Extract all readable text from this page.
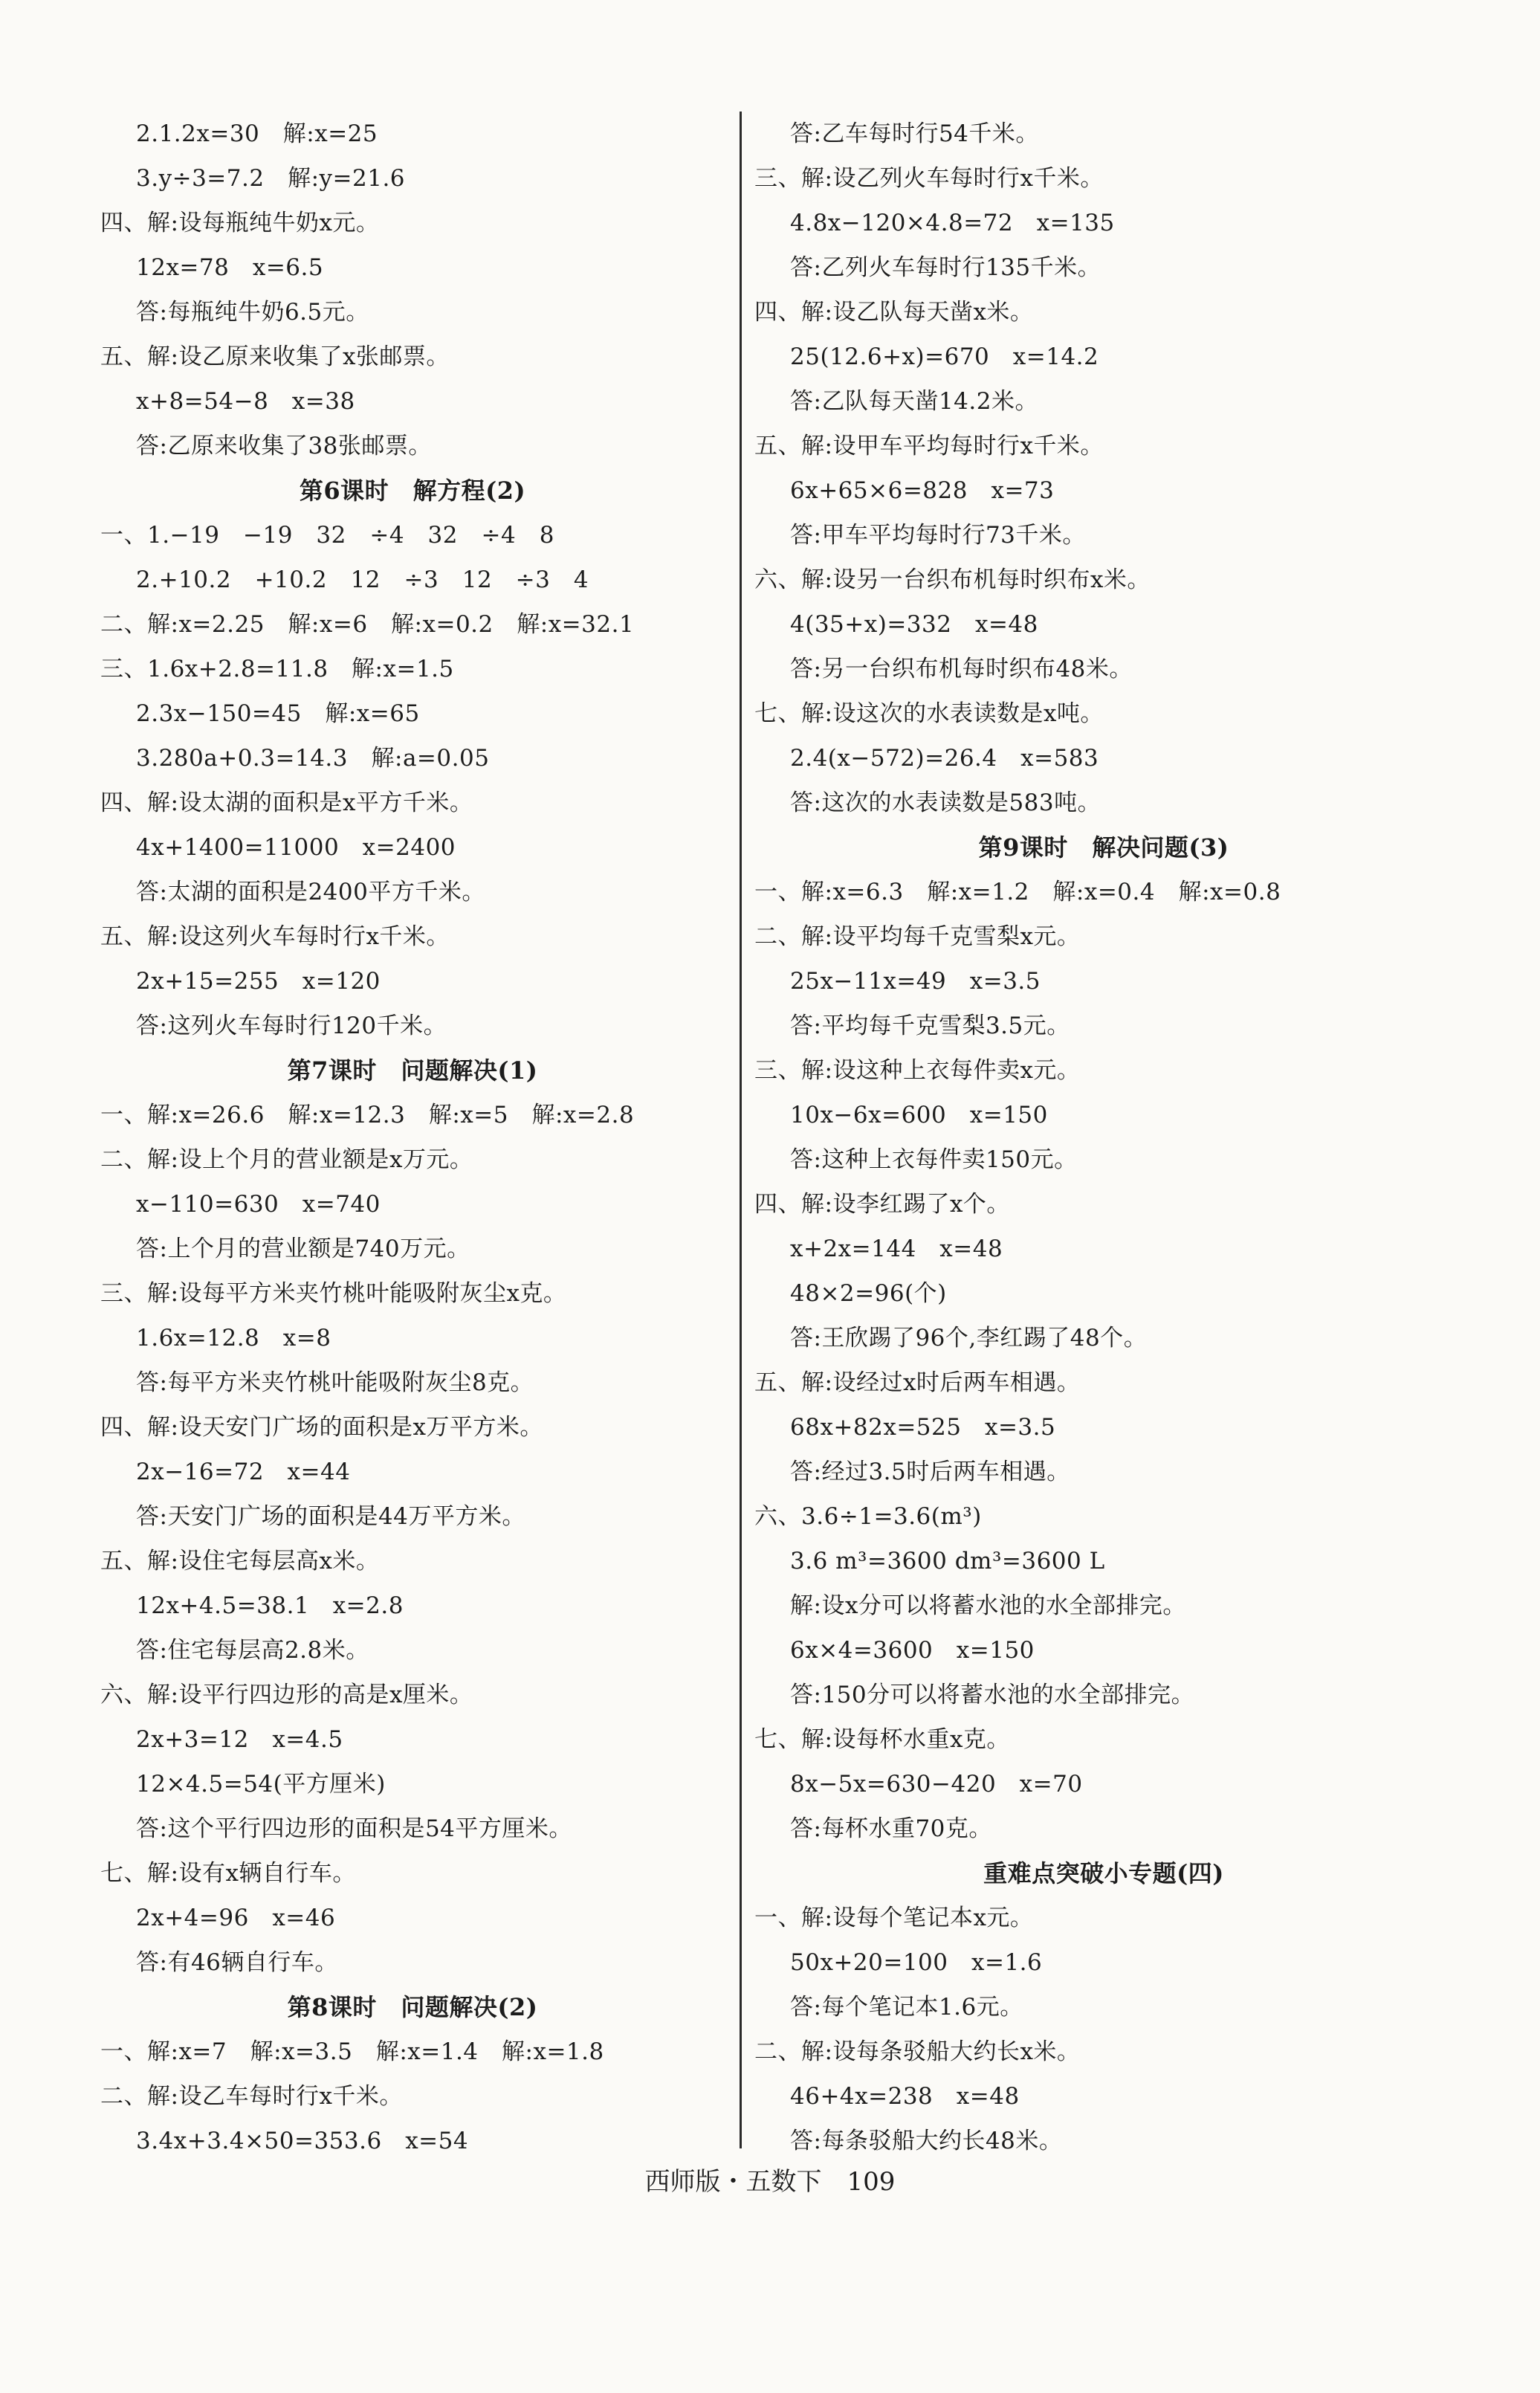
2.1.2x=30　解:x=25
3.y÷3=7.2　解:y=21.6
四、解:设每瓶纯牛奶x元。
12x=78　x=6.5
答:每瓶纯牛奶6.5元。
五、解:设乙原来收集了x张邮票。
x+8=54−8　x=38
答:乙原来收集了38张邮票。
第6课时　解方程(2)
一、1.−19　−19　32　÷4　32　÷4　8
2.+10.2　+10.2　12　÷3　12　÷3　4
二、解:x=2.25　解:x=6　解:x=0.2　解:x=32.1
三、1.6x+2.8=11.8　解:x=1.5
2.3x−150=45　解:x=65
3.280a+0.3=14.3　解:a=0.05
四、解:设太湖的面积是x平方千米。
4x+1400=11000　x=2400
答:太湖的面积是2400平方千米。
五、解:设这列火车每时行x千米。
2x+15=255　x=120
答:这列火车每时行120千米。
第7课时　问题解决(1)
一、解:x=26.6　解:x=12.3　解:x=5　解:x=2.8
二、解:设上个月的营业额是x万元。
x−110=630　x=740
答:上个月的营业额是740万元。
三、解:设每平方米夹竹桃叶能吸附灰尘x克。
1.6x=12.8　x=8
答:每平方米夹竹桃叶能吸附灰尘8克。
四、解:设天安门广场的面积是x万平方米。
2x−16=72　x=44
答:天安门广场的面积是44万平方米。
五、解:设住宅每层高x米。
12x+4.5=38.1　x=2.8
答:住宅每层高2.8米。
六、解:设平行四边形的高是x厘米。
2x+3=12　x=4.5
12×4.5=54(平方厘米)
答:这个平行四边形的面积是54平方厘米。
七、解:设有x辆自行车。
2x+4=96　x=46
答:有46辆自行车。
第8课时　问题解决(2)
一、解:x=7　解:x=3.5　解:x=1.4　解:x=1.8
二、解:设乙车每时行x千米。
3.4x+3.4×50=353.6　x=54
答:乙车每时行54千米。
三、解:设乙列火车每时行x千米。
4.8x−120×4.8=72　x=135
答:乙列火车每时行135千米。
四、解:设乙队每天凿x米。
25(12.6+x)=670　x=14.2
答:乙队每天凿14.2米。
五、解:设甲车平均每时行x千米。
6x+65×6=828　x=73
答:甲车平均每时行73千米。
六、解:设另一台织布机每时织布x米。
4(35+x)=332　x=48
答:另一台织布机每时织布48米。
七、解:设这次的水表读数是x吨。
2.4(x−572)=26.4　x=583
答:这次的水表读数是583吨。
第9课时　解决问题(3)
一、解:x=6.3　解:x=1.2　解:x=0.4　解:x=0.8
二、解:设平均每千克雪梨x元。
25x−11x=49　x=3.5
答:平均每千克雪梨3.5元。
三、解:设这种上衣每件卖x元。
10x−6x=600　x=150
答:这种上衣每件卖150元。
四、解:设李红踢了x个。
x+2x=144　x=48
48×2=96(个)
答:王欣踢了96个,李红踢了48个。
五、解:设经过x时后两车相遇。
68x+82x=525　x=3.5
答:经过3.5时后两车相遇。
六、3.6÷1=3.6(m³)
3.6 m³=3600 dm³=3600 L
解:设x分可以将蓄水池的水全部排完。
6x×4=3600　x=150
答:150分可以将蓄水池的水全部排完。
七、解:设每杯水重x克。
8x−5x=630−420　x=70
答:每杯水重70克。
重难点突破小专题(四)
一、解:设每个笔记本x元。
50x+20=100　x=1.6
答:每个笔记本1.6元。
二、解:设每条驳船大约长x米。
46+4x=238　x=48
答:每条驳船大约长48米。
西师版・五数下　109
